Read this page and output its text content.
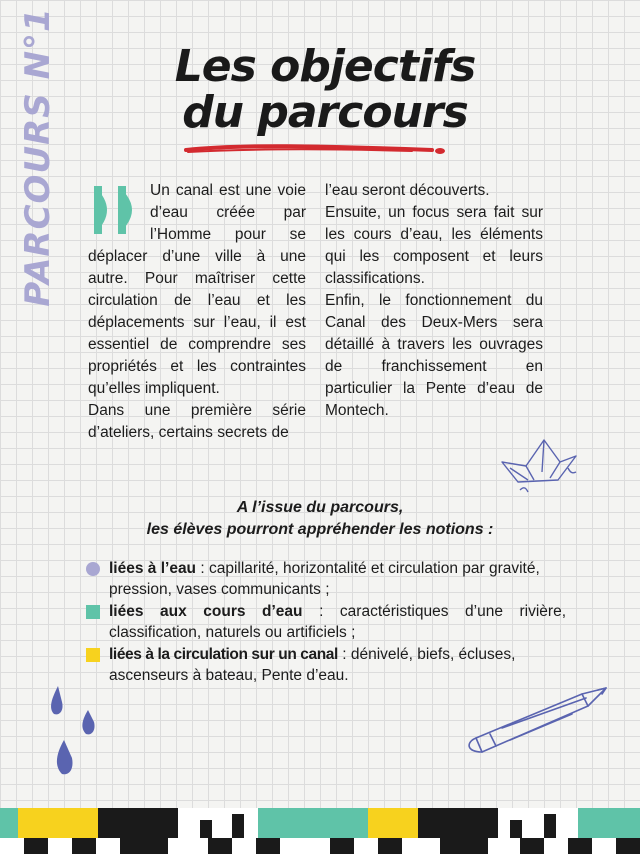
PARCOURS N°1	Les objectifs
du parcours

Un canal est une voie d’eau créée par l’Homme pour se déplacer d’une ville à une autre. Pour maîtriser cette circulation de l’eau et les déplacements sur l’eau, il est essentiel de comprendre ses propriétés et les contraintes qu’elles impliquent.

Dans une première série d’ateliers, certains secrets de

l’eau seront découverts.

Ensuite, un focus sera fait sur les cours d’eau, les éléments qui les composent et leurs classifications.

Enfin, le fonctionnement du Canal des Deux-Mers sera détaillé à travers les ouvrages de franchissement en particulier la Pente d’eau de Montech.

A l’issue du parcours,
les élèves pourront appréhender les notions :
liées à l’eau : capillarité, horizontalité et circulation par gravité, pression, vases communicants ;
liées aux cours d’eau : caractéristiques d’une rivière, classification, naturels ou artificiels ;
liées à la circulation sur un canal : dénivelé, biefs, écluses, ascenseurs à bateau, Pente d’eau.
